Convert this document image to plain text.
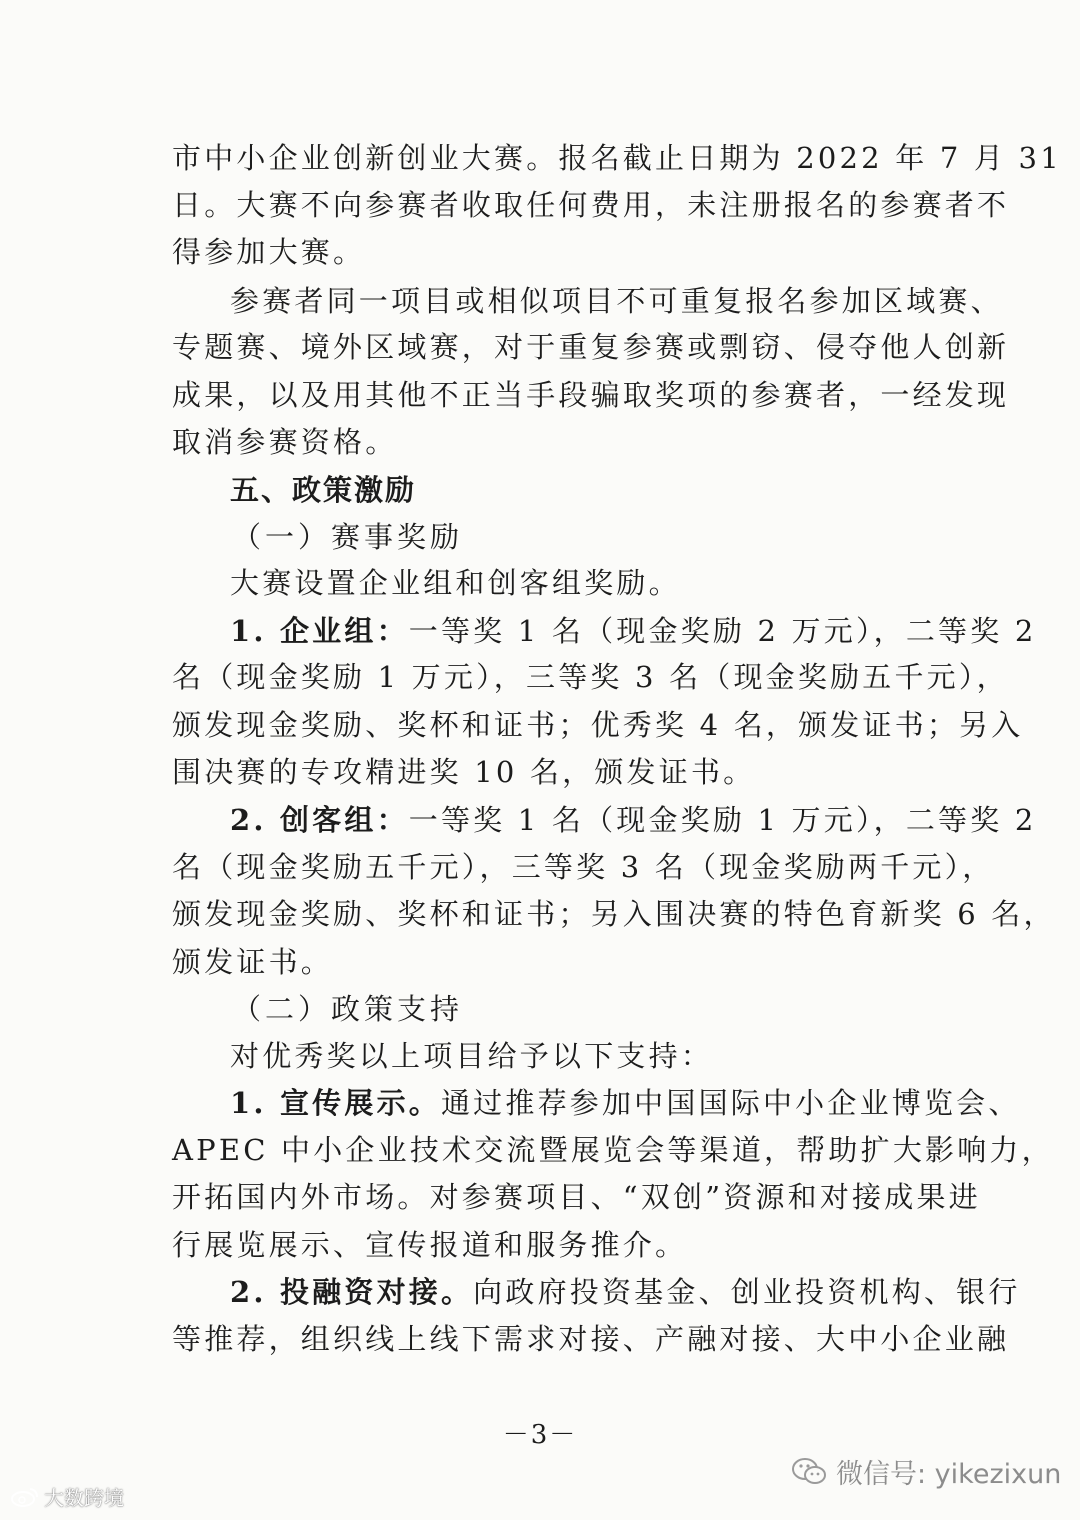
市中小企业创新创业大赛。报名截止日期为 2022 年 7 月 31
日。大赛不向参赛者收取任何费用，未注册报名的参赛者不
得参加大赛。
参赛者同一项目或相似项目不可重复报名参加区域赛、
专题赛、境外区域赛，对于重复参赛或剽窃、侵夺他人创新
成果，以及用其他不正当手段骗取奖项的参赛者，一经发现
取消参赛资格。
五、政策激励
（一）赛事奖励
大赛设置企业组和创客组奖励。
1. 企业组：一等奖 1 名（现金奖励 2 万元），二等奖 2
名（现金奖励 1 万元），三等奖 3 名（现金奖励五千元），
颁发现金奖励、奖杯和证书；优秀奖 4 名，颁发证书；另入
围决赛的专攻精进奖 10 名，颁发证书。
2. 创客组：一等奖 1 名（现金奖励 1 万元），二等奖 2
名（现金奖励五千元），三等奖 3 名（现金奖励两千元），
颁发现金奖励、奖杯和证书；另入围决赛的特色育新奖 6 名，
颁发证书。
（二）政策支持
对优秀奖以上项目给予以下支持：
1. 宣传展示。通过推荐参加中国国际中小企业博览会、
APEC 中小企业技术交流暨展览会等渠道，帮助扩大影响力，
开拓国内外市场。对参赛项目、“双创”资源和对接成果进
行展览展示、宣传报道和服务推介。
2. 投融资对接。向政府投资基金、创业投资机构、银行
等推荐，组织线上线下需求对接、产融对接、大中小企业融
－3－
大数跨境
微信号: yikezixun
